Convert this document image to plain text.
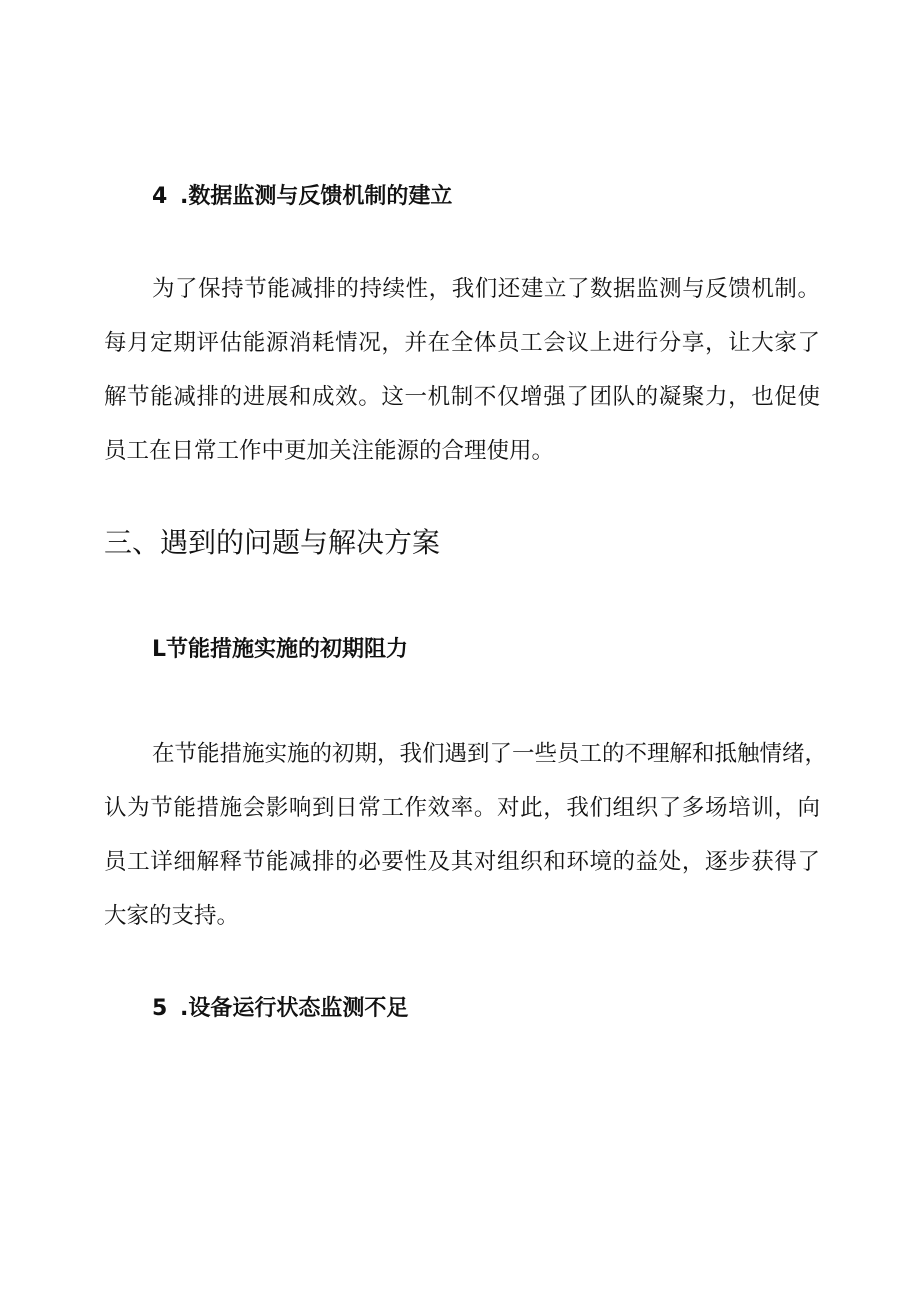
4 .数据监测与反馈机制的建立
为了保持节能减排的持续性，我们还建立了数据监测与反馈机制。
每月定期评估能源消耗情况，并在全体员工会议上进行分享，让大家了
解节能减排的进展和成效。这一机制不仅增强了团队的凝聚力，也促使
员工在日常工作中更加关注能源的合理使用。
三、遇到的问题与解决方案
L节能措施实施的初期阻力
在节能措施实施的初期，我们遇到了一些员工的不理解和抵触情绪，
认为节能措施会影响到日常工作效率。对此，我们组织了多场培训，向
员工详细解释节能减排的必要性及其对组织和环境的益处，逐步获得了
大家的支持。
5 .设备运行状态监测不足
